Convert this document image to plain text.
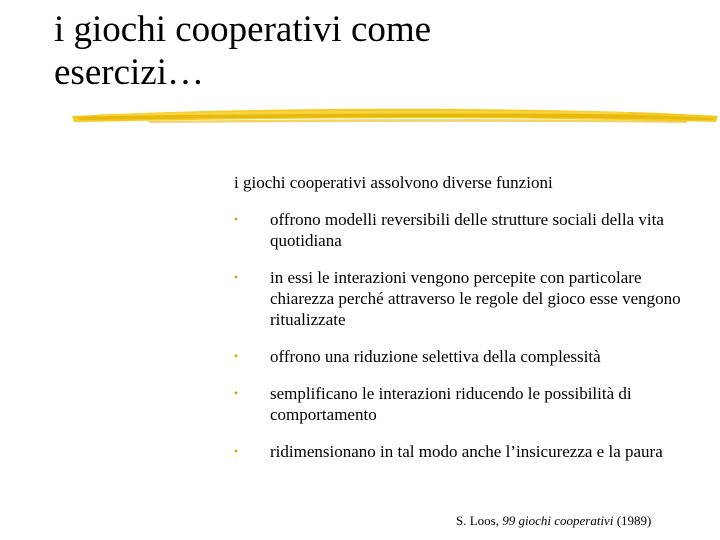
i giochi cooperativi come
esercizi…

i giochi cooperativi assolvono diverse funzioni

• offrono modelli reversibili delle strutture sociali della vita quotidiana
• in essi le interazioni vengono percepite con particolare chiarezza perché attraverso le regole del gioco esse vengono ritualizzate
• offrono una riduzione selettiva della complessità
• semplificano le interazioni riducendo le possibilità di comportamento
• ridimensionano in tal modo anche l’insicurezza e la paura
S. Loos, 99 giochi cooperativi (1989)
